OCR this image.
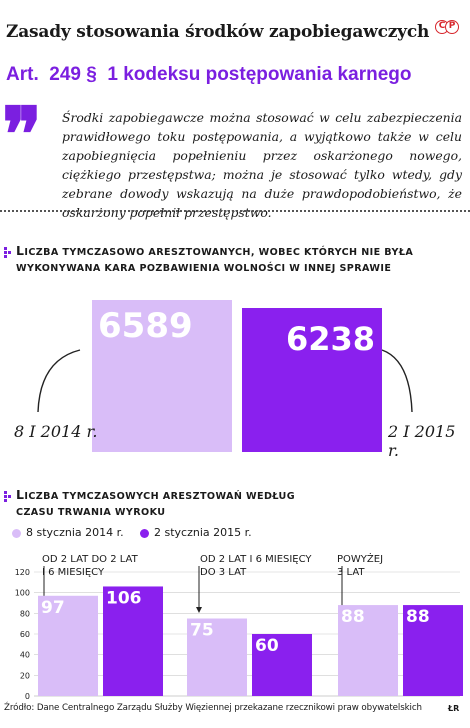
Zasady stosowania środków zapobiegawczych	C P
Art.  249 §  1 kodeksu postępowania karnego
❞ Środki zapobiegawcze można stosować w celu zabezpieczenia prawidłowego toku postępowania, a wyjątkowo także w celu zapobiegnięcia popełnieniu przez oskarżonego nowego, ciężkiego przestępstwa; można je stosować tylko wtedy, gdy zebrane dowody wskazują na duże prawdopodobieństwo, że oskarżony popełnił przestępstwo.
LICZBA TYMCZASOWO ARESZTOWANYCH, WOBEC KTÓRYCH NIE BYŁA
WYKONYWANA KARA POZBAWIENIA WOLNOŚCI W INNEJ SPRAWIE
6589	6238
8 I 2014 r.	2 I 2015 r.
LICZBA TYMCZASOWYCH ARESZTOWAŃ WEDŁUG
CZASU TRWANIA WYROKU
8 stycznia 2014 r.	2 stycznia 2015 r.
0
20
40
60
80
100
120
OD 2 LAT DO 2 LAT
I 6 MIESIĘCY
97 106
OD 2 LAT I 6 MIESIĘCY
DO 3 LAT
75
60
POWYŻEJ
3 LAT
88 88
Źródło: Dane Centralnego Zarządu Służby Więziennej przekazane rzecznikowi praw obywatelskich	ŁR
